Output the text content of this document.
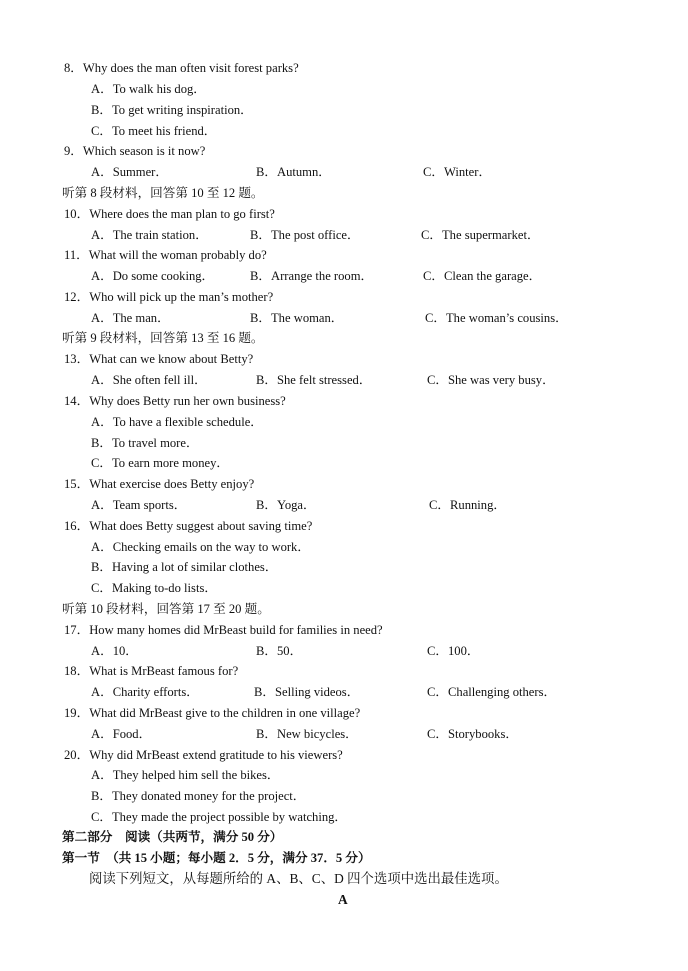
8．Why does the man often visit forest parks?
A．To walk his dog．
B．To get writing inspiration．
C．To meet his friend．
9．Which season is it now?
A．Summer．	B．Autumn．	C．Winter．
听第 8 段材料，回答第 10 至 12 题。
10．Where does the man plan to go first?
A．The train station．	B．The post office．	C．The supermarket．
11．What will the woman probably do?
A．Do some cooking．	B．Arrange the room．	C．Clean the garage．
12．Who will pick up the man’s mother?
A．The man．	B．The woman．	C．The woman’s cousins．
听第 9 段材料，回答第 13 至 16 题。
13．What can we know about Betty?
A．She often fell ill．	B．She felt stressed．	C．She was very busy．
14．Why does Betty run her own business?
A．To have a flexible schedule．
B．To travel more．
C．To earn more money．
15．What exercise does Betty enjoy?
A．Team sports．	B．Yoga．	C．Running．
16．What does Betty suggest about saving time?
A．Checking emails on the way to work．
B．Having a lot of similar clothes．
C．Making to-do lists．
听第 10 段材料，回答第 17 至 20 题。
17．How many homes did MrBeast build for families in need?
A．10．	B．50．	C．100．
18．What is MrBeast famous for?
A．Charity efforts．	B．Selling videos．	C．Challenging others．
19．What did MrBeast give to the children in one village?
A．Food．	B．New bicycles．	C．Storybooks．
20．Why did MrBeast extend gratitude to his viewers?
A．They helped him sell the bikes．
B．They donated money for the project．
C．They made the project possible by watching．
第二部分　阅读（共两节，满分 50 分）
第一节　（共 15 小题；每小题 2．5 分，满分 37．5 分）
阅读下列短文，从每题所给的 A、B、C、D 四个选项中选出最佳选项。
A
